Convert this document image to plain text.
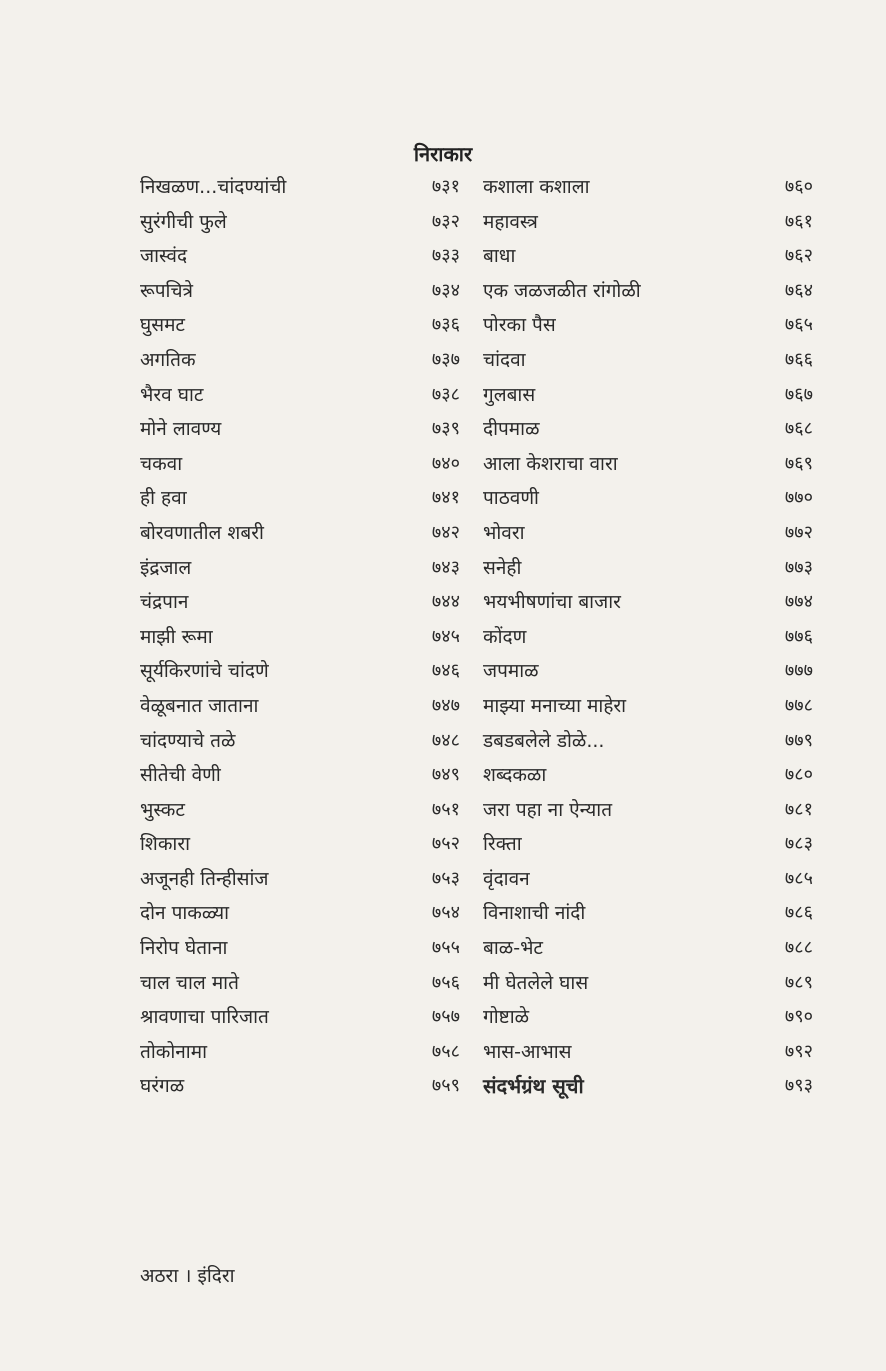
निराकार
निखळण...चांदण्यांची	७३१
सुरंगीची फुले	७३२
जास्वंद	७३३
रूपचित्रे	७३४
घुसमट	७३६
अगतिक	७३७
भैरव घाट	७३८
मोने लावण्य	७३९
चकवा	७४०
ही हवा	७४१
बोरवणातील शबरी	७४२
इंद्रजाल	७४३
चंद्रपान	७४४
माझी रूमा	७४५
सूर्यकिरणांचे चांदणे	७४६
वेळूबनात जाताना	७४७
चांदण्याचे तळे	७४८
सीतेची वेणी	७४९
भुस्कट	७५१
शिकारा	७५२
अजूनही तिन्हीसांज	७५३
दोन पाकळ्या	७५४
निरोप घेताना	७५५
चाल चाल माते	७५६
श्रावणाचा पारिजात	७५७
तोकोनामा	७५८
घरंगळ	७५९
कशाला कशाला	७६०
महावस्त्र	७६१
बाधा	७६२
एक जळजळीत रांगोळी	७६४
पोरका पैस	७६५
चांदवा	७६६
गुलबास	७६७
दीपमाळ	७६८
आला केशराचा वारा	७६९
पाठवणी	७७०
भोवरा	७७२
सनेही	७७३
भयभीषणांचा बाजार	७७४
कोंदण	७७६
जपमाळ	७७७
माझ्या मनाच्या माहेरा	७७८
डबडबलेले डोळे...	७७९
शब्दकळा	७८०
जरा पहा ना ऐन्यात	७८१
रिक्ता	७८३
वृंदावन	७८५
विनाशाची नांदी	७८६
बाळ-भेट	७८८
मी घेतलेले घास	७८९
गोष्टाळे	७९०
भास-आभास	७९२
संदर्भग्रंथ सूची	७९३
अठरा । इंदिरा
